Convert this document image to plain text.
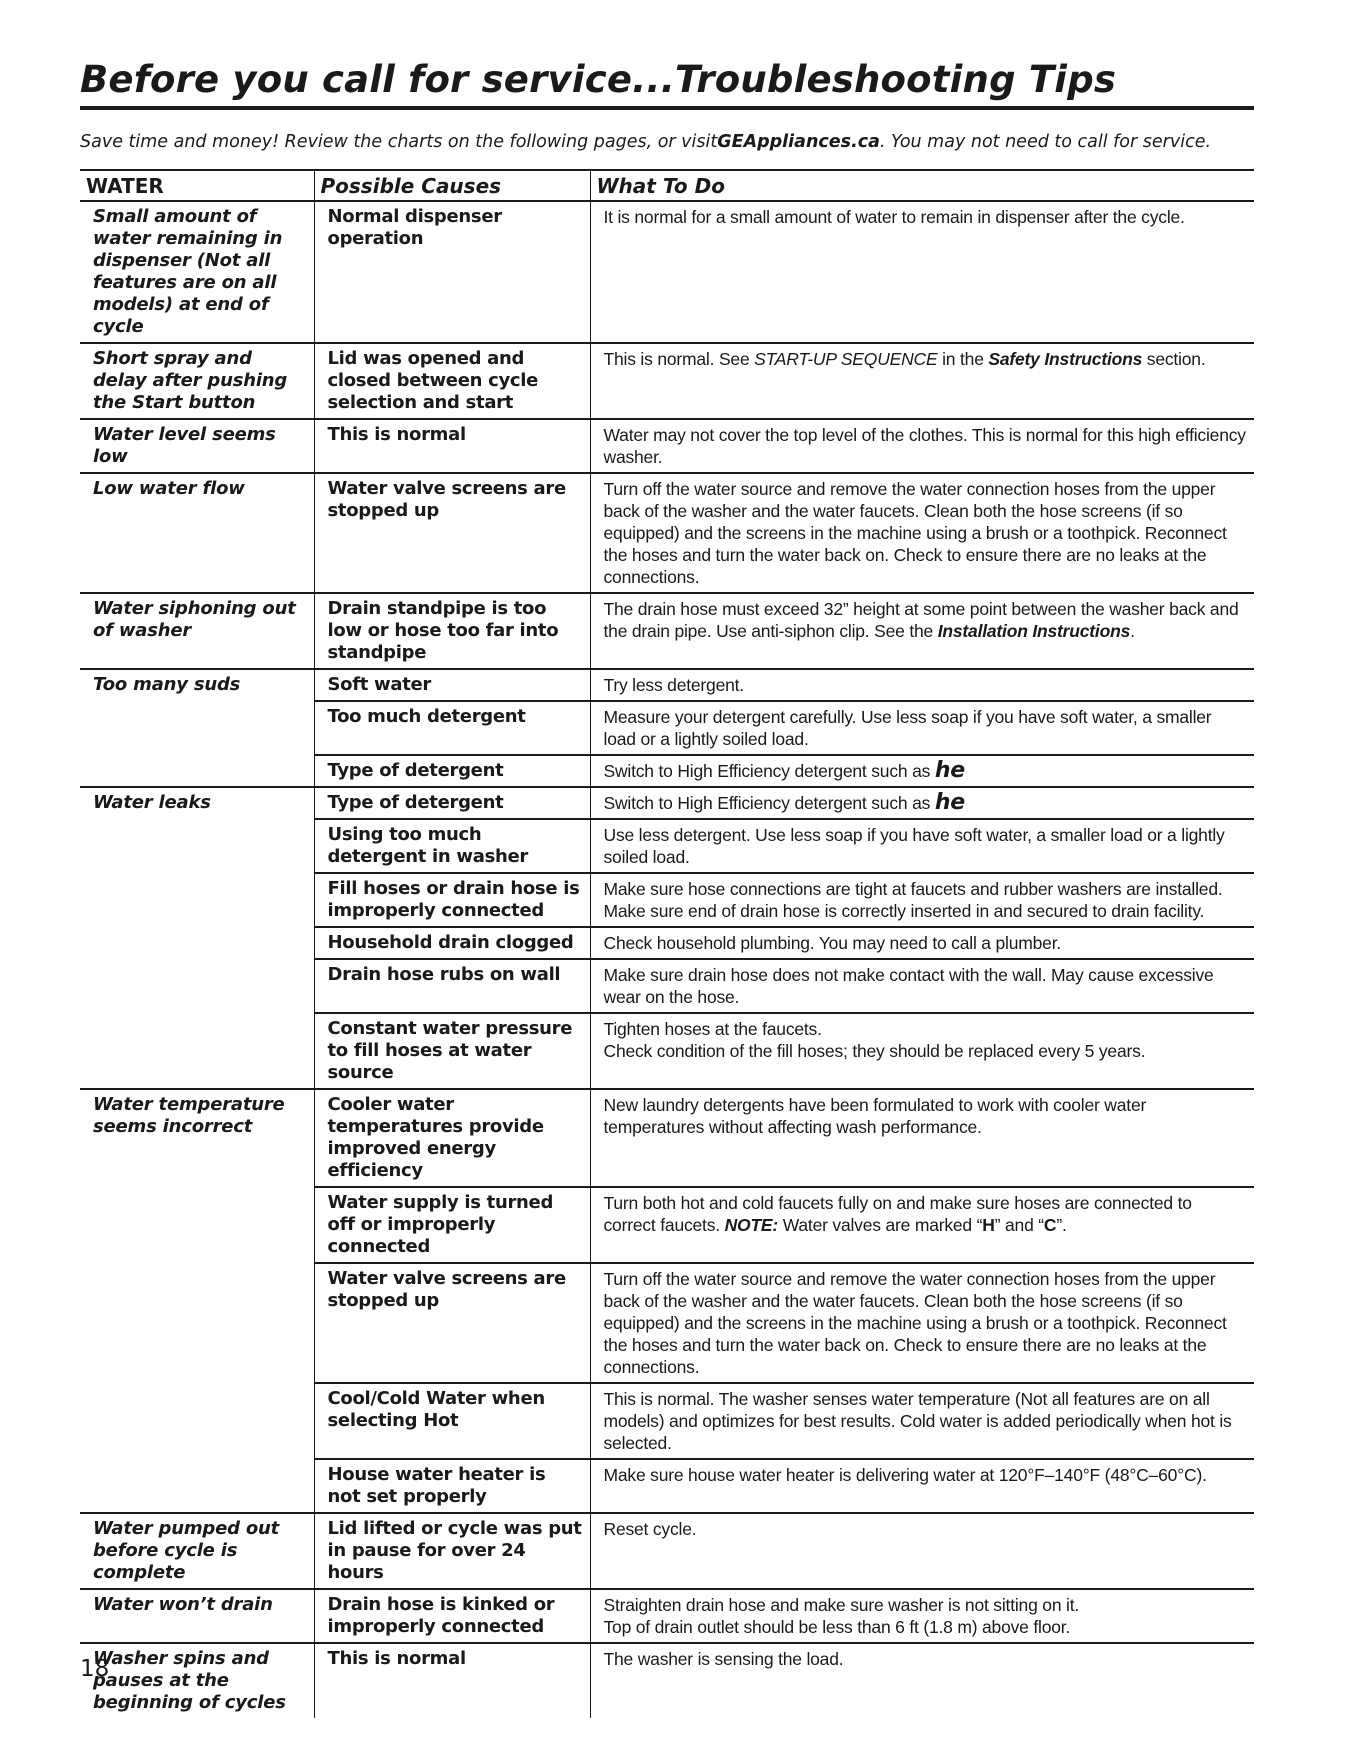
Before you call for service...Troubleshooting Tips
Save time and money! Review the charts on the following pages, or visitGEAppliances.ca. You may not need to call for service.
WATER	Possible Causes	What To Do
Small amount of water remaining in dispenser (Not all features are on all models) at end of cycle	Normal dispenser operation	It is normal for a small amount of water to remain in dispenser after the cycle.
Short spray and delay after pushing the Start button	Lid was opened and closed between cycle selection and start	This is normal. See START-UP SEQUENCE in the Safety Instructions section.
Water level seems low	This is normal	Water may not cover the top level of the clothes. This is normal for this high efficiency washer.
Low water flow	Water valve screens are stopped up	Turn off the water source and remove the water connection hoses from the upper back of the washer and the water faucets. Clean both the hose screens (if so equipped) and the screens in the machine using a brush or a toothpick. Reconnect the hoses and turn the water back on. Check to ensure there are no leaks at the connections.
Water siphoning out of washer	Drain standpipe is too low or hose too far into standpipe	The drain hose must exceed 32” height at some point between the washer back and the drain pipe. Use anti-siphon clip. See the Installation Instructions.
Too many suds	Soft water	Try less detergent.
	Too much detergent	Measure your detergent carefully. Use less soap if you have soft water, a smaller load or a lightly soiled load.
	Type of detergent	Switch to High Efficiency detergent such as he
Water leaks	Type of detergent	Switch to High Efficiency detergent such as he
	Using too much detergent in washer	Use less detergent. Use less soap if you have soft water, a smaller load or a lightly soiled load.
	Fill hoses or drain hose is improperly connected	Make sure hose connections are tight at faucets and rubber washers are installed. Make sure end of drain hose is correctly inserted in and secured to drain facility.
	Household drain clogged	Check household plumbing. You may need to call a plumber.
	Drain hose rubs on wall	Make sure drain hose does not make contact with the wall. May cause excessive wear on the hose.
	Constant water pressure to fill hoses at water source	Tighten hoses at the faucets.
Check condition of the fill hoses; they should be replaced every 5 years.

Water temperature seems incorrect	Cooler water temperatures provide improved energy efficiency	New laundry detergents have been formulated to work with cooler water temperatures without affecting wash performance.
	Water supply is turned off or improperly connected	Turn both hot and cold faucets fully on and make sure hoses are connected to correct faucets. NOTE: Water valves are marked “H” and “C”.
	Water valve screens are stopped up	Turn off the water source and remove the water connection hoses from the upper back of the washer and the water faucets. Clean both the hose screens (if so equipped) and the screens in the machine using a brush or a toothpick. Reconnect the hoses and turn the water back on. Check to ensure there are no leaks at the connections.
	Cool/Cold Water when selecting Hot	This is normal. The washer senses water temperature (Not all features are on all models) and optimizes for best results. Cold water is added periodically when hot is selected.
	House water heater is not set properly	Make sure house water heater is delivering water at 120°F–140°F (48°C–60°C).
Water pumped out before cycle is complete	Lid lifted or cycle was put in pause for over 24 hours	Reset cycle.
Water won’t drain	Drain hose is kinked or improperly connected	Straighten drain hose and make sure washer is not sitting on it.
Top of drain outlet should be less than 6 ft (1.8 m) above floor.

Washer spins and pauses at the beginning of cycles	This is normal	The washer is sensing the load.
18
